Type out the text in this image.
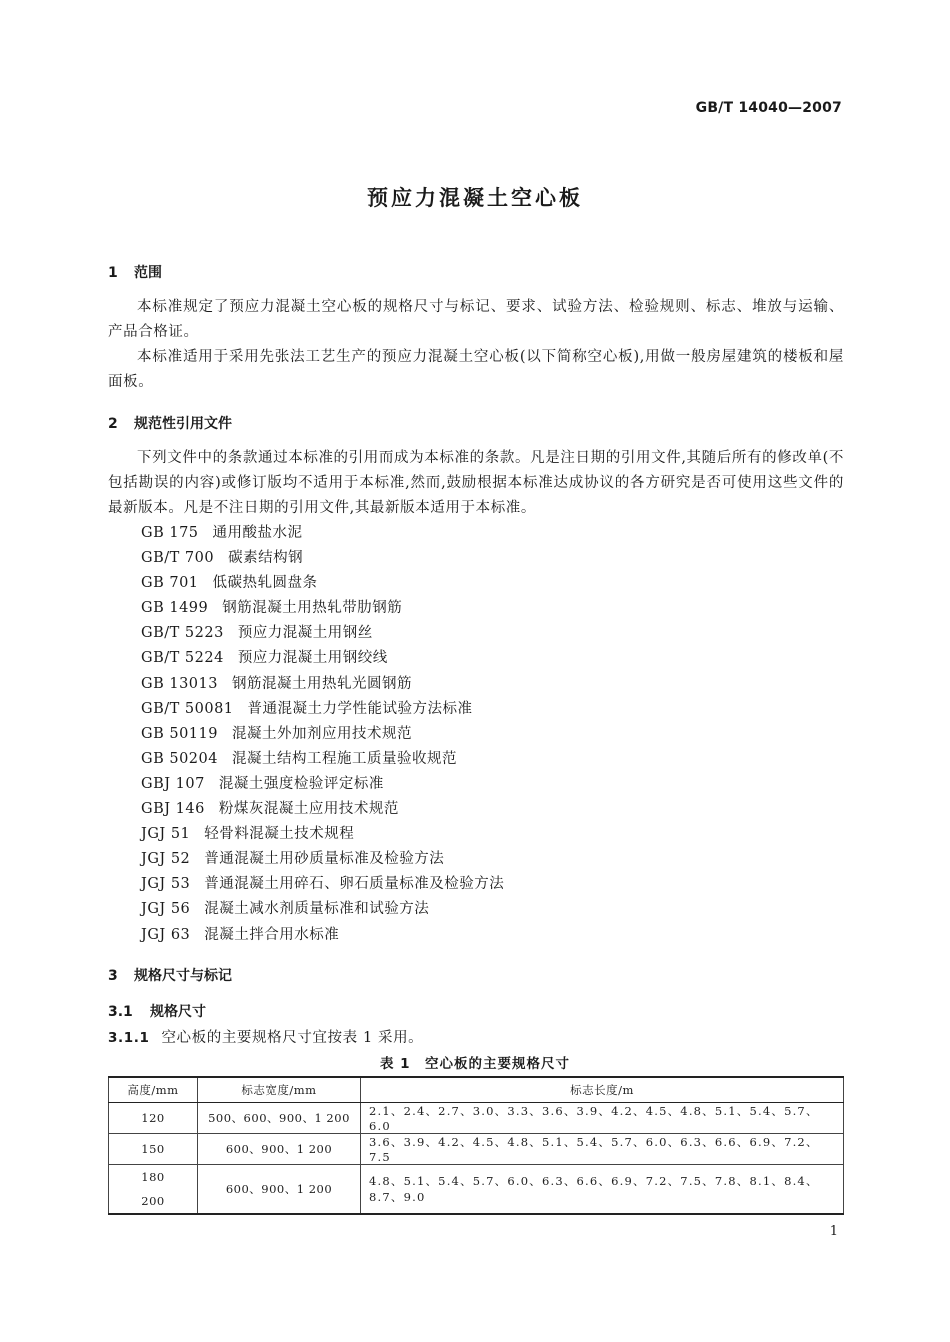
GB/T 14040—2007
预应力混凝土空心板
1 范围

本标准规定了预应力混凝土空心板的规格尺寸与标记、要求、试验方法、检验规则、标志、堆放与运输、产品合格证。

本标准适用于采用先张法工艺生产的预应力混凝土空心板(以下简称空心板),用做一般房屋建筑的楼板和屋面板。

2 规范性引用文件

下列文件中的条款通过本标准的引用而成为本标准的条款。凡是注日期的引用文件,其随后所有的修改单(不包括勘误的内容)或修订版均不适用于本标准,然而,鼓励根据本标准达成协议的各方研究是否可使用这些文件的最新版本。凡是不注日期的引用文件,其最新版本适用于本标准。

GB 175 通用酸盐水泥
GB/T 700 碳素结构钢
GB 701 低碳热轧圆盘条
GB 1499 钢筋混凝土用热轧带肋钢筋
GB/T 5223 预应力混凝土用钢丝
GB/T 5224 预应力混凝土用钢绞线
GB 13013 钢筋混凝土用热轧光圆钢筋
GB/T 50081 普通混凝土力学性能试验方法标准
GB 50119 混凝土外加剂应用技术规范
GB 50204 混凝土结构工程施工质量验收规范
GBJ 107 混凝土强度检验评定标准
GBJ 146 粉煤灰混凝土应用技术规范
JGJ 51 轻骨料混凝土技术规程
JGJ 52 普通混凝土用砂质量标准及检验方法
JGJ 53 普通混凝土用碎石、卵石质量标准及检验方法
JGJ 56 混凝土减水剂质量标准和试验方法
JGJ 63 混凝土拌合用水标准
3 规格尺寸与标记
3.1 规格尺寸
3.1.1 空心板的主要规格尺寸宜按表 1 采用。
表 1　空心板的主要规格尺寸
高度/mm	标志宽度/mm	标志长度/m
120	500、600、900、1 200	2.1、2.4、2.7、3.0、3.3、3.6、3.9、4.2、4.5、4.8、5.1、5.4、5.7、6.0
150	600、900、1 200	3.6、3.9、4.2、4.5、4.8、5.1、5.4、5.7、6.0、6.3、6.6、6.9、7.2、7.5

180
200	600、900、1 200	4.8、5.1、5.4、5.7、6.0、6.3、6.6、6.9、7.2、7.5、7.8、8.1、8.4、8.7、9.0
1
